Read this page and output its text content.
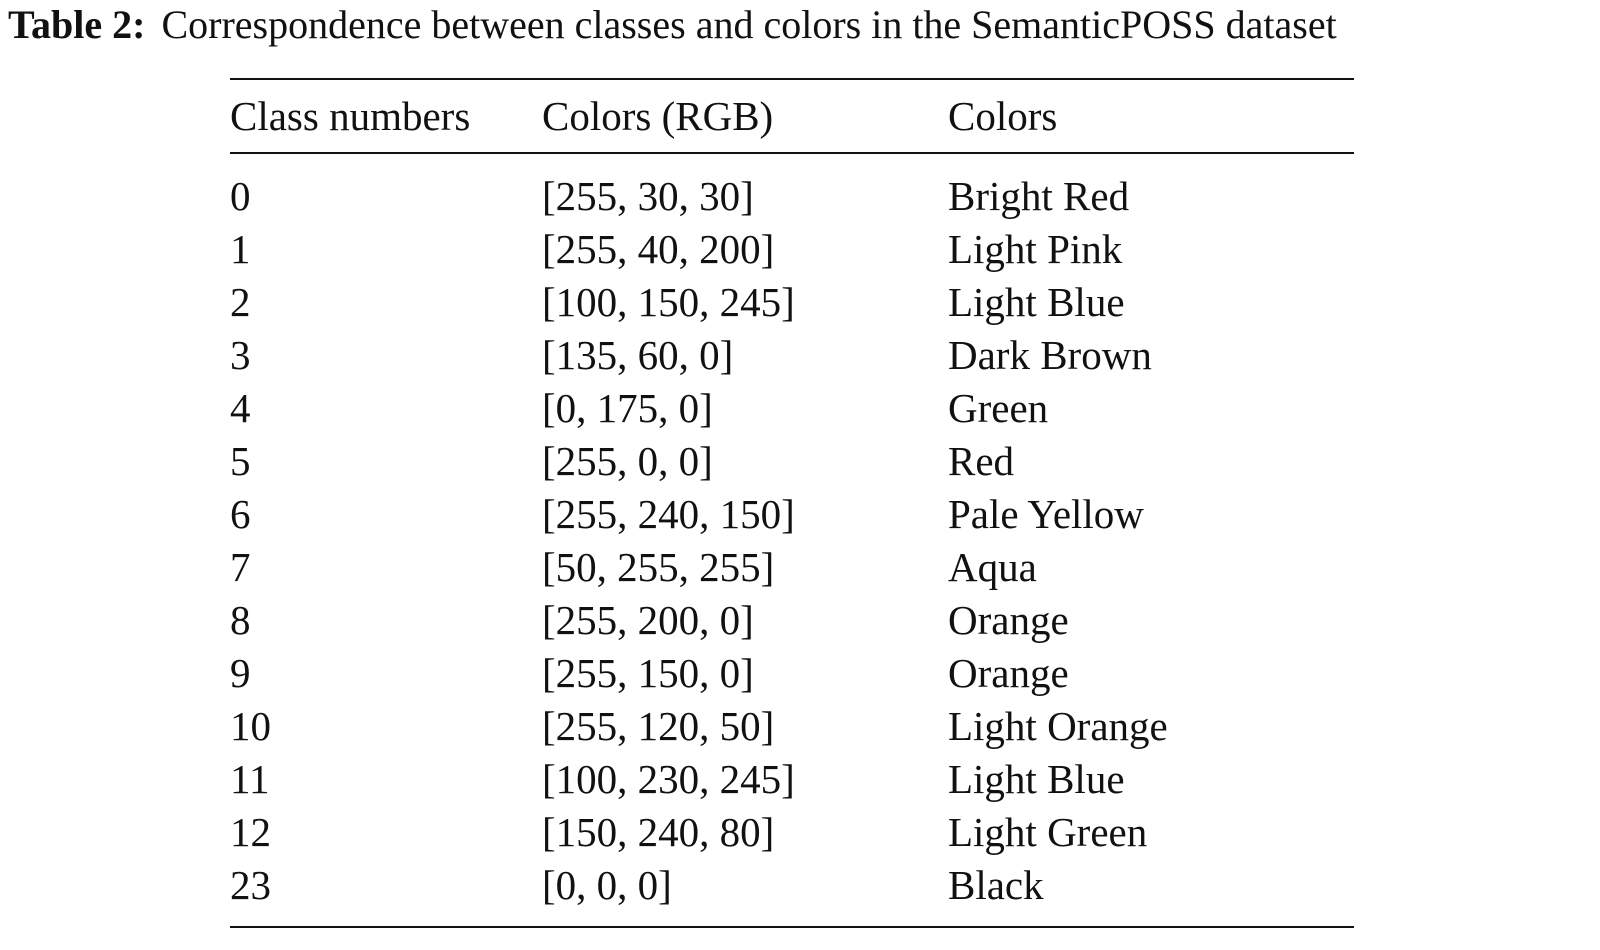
Table 2: Correspondence between classes and colors in the SemanticPOSS dataset
Class numbers	Colors (RGB)	Colors
0	[255, 30, 30]	Bright Red
1	[255, 40, 200]	Light Pink
2	[100, 150, 245]	Light Blue
3	[135, 60, 0]	Dark Brown
4	[0, 175, 0]	Green
5	[255, 0, 0]	Red
6	[255, 240, 150]	Pale Yellow
7	[50, 255, 255]	Aqua
8	[255, 200, 0]	Orange
9	[255, 150, 0]	Orange
10	[255, 120, 50]	Light Orange
11	[100, 230, 245]	Light Blue
12	[150, 240, 80]	Light Green
23	[0, 0, 0]	Black
